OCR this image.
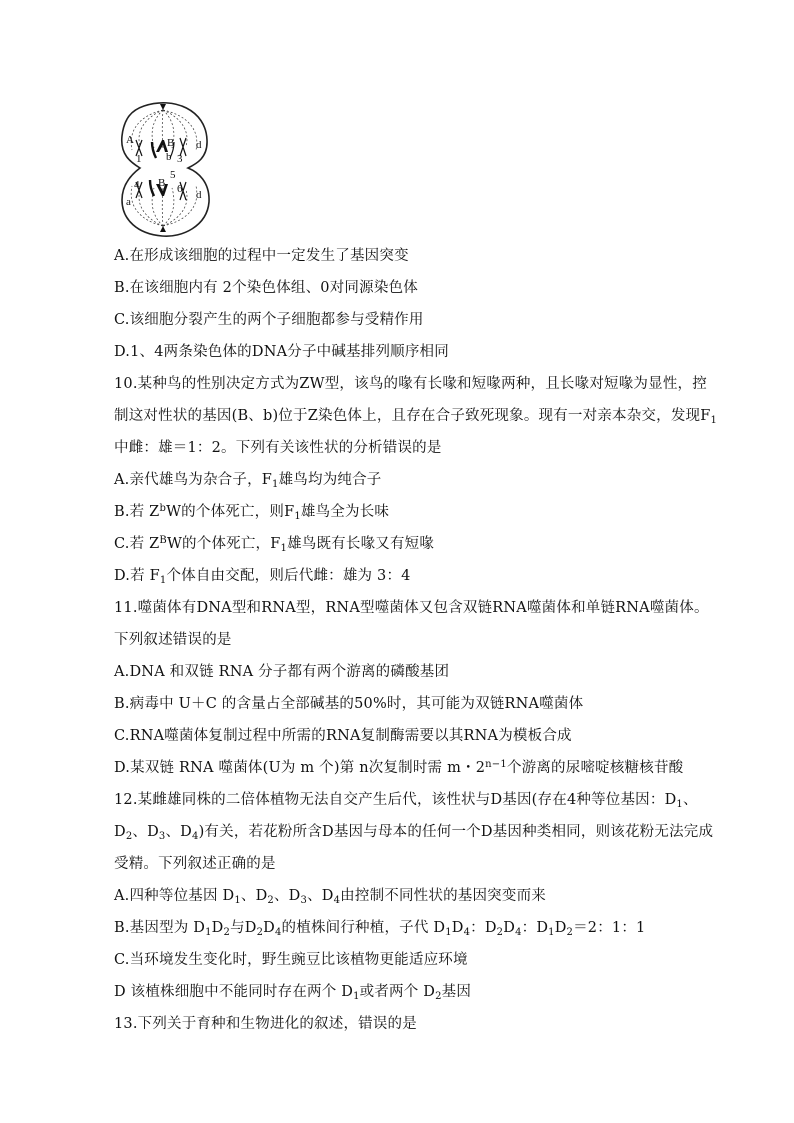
A
a
4
1
B
b
5
3
6
d
d
B
A.在形成该细胞的过程中一定发生了基因突变
B.在该细胞内有 2个染色体组、0对同源染色体
C.该细胞分裂产生的两个子细胞都参与受精作用
D.1、4两条染色体的DNA分子中碱基排列顺序相同
10.某种鸟的性别决定方式为ZW型，该鸟的喙有长喙和短喙两种，且长喙对短喙为显性，控
制这对性状的基因(B、b)位于Z染色体上，且存在合子致死现象。现有一对亲本杂交，发现$F_1$
中雌：雄＝1：2。下列有关该性状的分析错误的是
A.亲代雄鸟为杂合子，$F_1$雄鸟均为纯合子
B.若 $Z^bW$的个体死亡，则$F_1$雄鸟全为长味
C.若 $Z^BW$的个体死亡，$F_1$雄鸟既有长喙又有短喙
D.若 $F_1$个体自由交配，则后代雌：雄为 3：4
11.噬菌体有DNA型和RNA型，RNA型噬菌体又包含双链RNA噬菌体和单链RNA噬菌体。
下列叙述错误的是
A.DNA 和双链 RNA 分子都有两个游离的磷酸基团
B.病毒中 U＋C 的含量占全部碱基的50%时，其可能为双链RNA噬菌体
C.RNA噬菌体复制过程中所需的RNA复制酶需要以其RNA为模板合成
D.某双链 RNA 噬菌体(U为 m 个)第 n次复制时需 m・$2^{n-1}$个游离的尿嘧啶核糖核苷酸
12.某雌雄同株的二倍体植物无法自交产生后代，该性状与D基因(存在4种等位基因：$D_1$、
$D_2$、$D_3$、$D_4$)有关，若花粉所含D基因与母本的任何一个D基因种类相同，则该花粉无法完成
受精。下列叙述正确的是
A.四种等位基因 $D_1$、$D_2$、$D_3$、$D_4$由控制不同性状的基因突变而来
B.基因型为 $D_1D_2$与$D_2D_4$的植株间行种植，子代 $D_1D_4$：$D_2D_4$：$D_1D_2=2$：1：1
C.当环境发生变化时，野生豌豆比该植物更能适应环境
D 该植株细胞中不能同时存在两个 $D_1$或者两个 $D_2$基因
13.下列关于育种和生物进化的叙述，错误的是
